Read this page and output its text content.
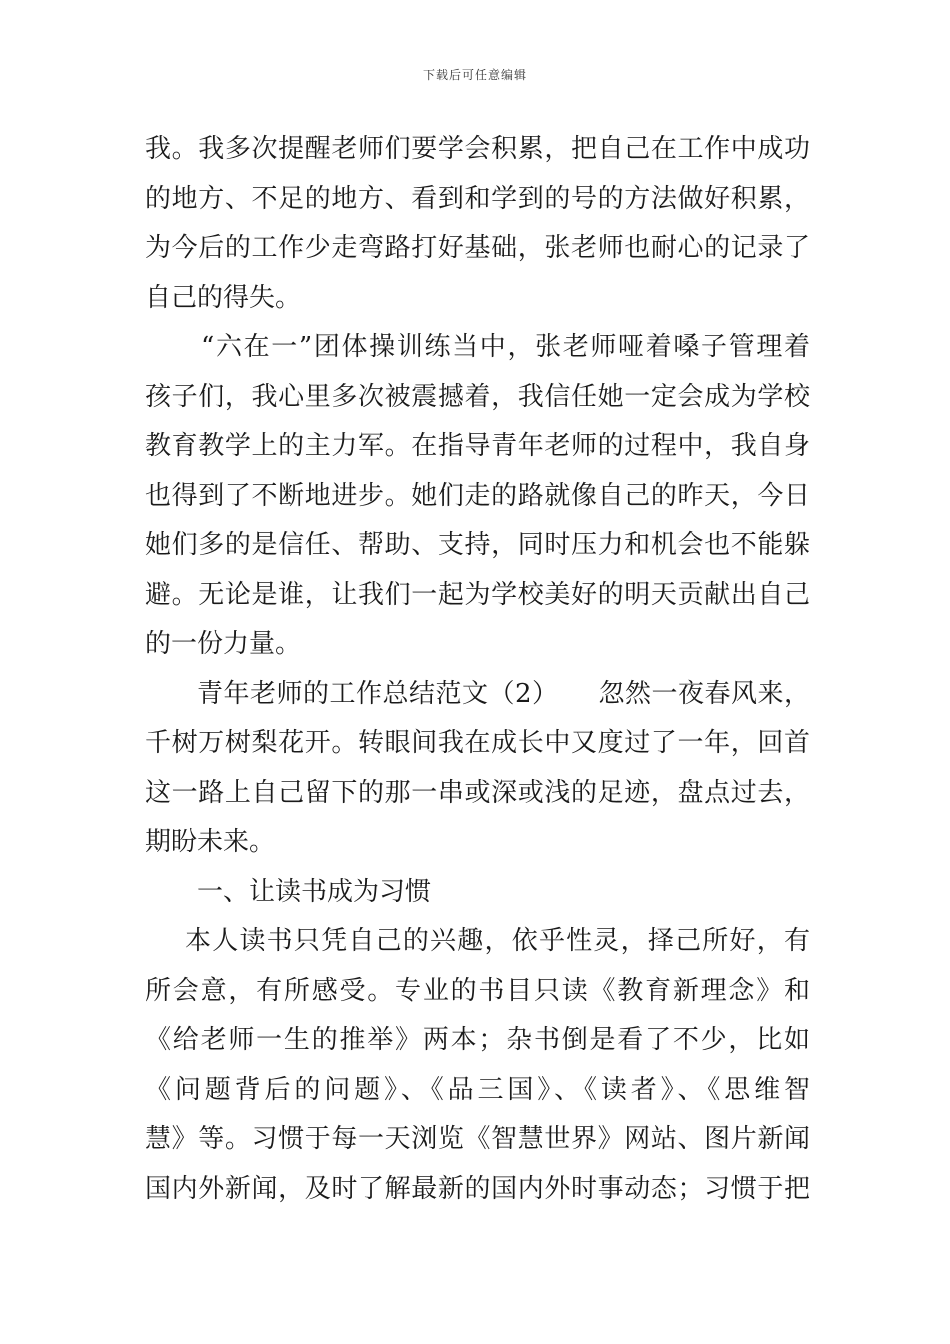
下载后可任意编辑
我。我多次提醒老师们要学会积累，把自己在工作中成功
的地方、不足的地方、看到和学到的号的方法做好积累，
为今后的工作少走弯路打好基础，张老师也耐心的记录了
自己的得失。
“六在一”团体操训练当中，张老师哑着嗓子管理着
孩子们，我心里多次被震撼着，我信任她一定会成为学校
教育教学上的主力军。在指导青年老师的过程中，我自身
也得到了不断地进步。她们走的路就像自己的昨天，今日
她们多的是信任、帮助、支持，同时压力和机会也不能躲
避。无论是谁，让我们一起为学校美好的明天贡献出自己
的一份力量。
青年老师的工作总结范文（2）　　忽然一夜春风来，
千树万树梨花开。转眼间我在成长中又度过了一年，回首
这一路上自己留下的那一串或深或浅的足迹，盘点过去，
期盼未来。
一、让读书成为习惯
本人读书只凭自己的兴趣，依乎性灵，择己所好，有
所会意，有所感受。专业的书目只读《教育新理念》和
《给老师一生的推举》两本；杂书倒是看了不少，比如
《问题背后的问题》、《品三国》、《读者》、《思维智
慧》等。习惯于每一天浏览《智慧世界》网站、图片新闻
国内外新闻，及时了解最新的国内外时事动态；习惯于把
